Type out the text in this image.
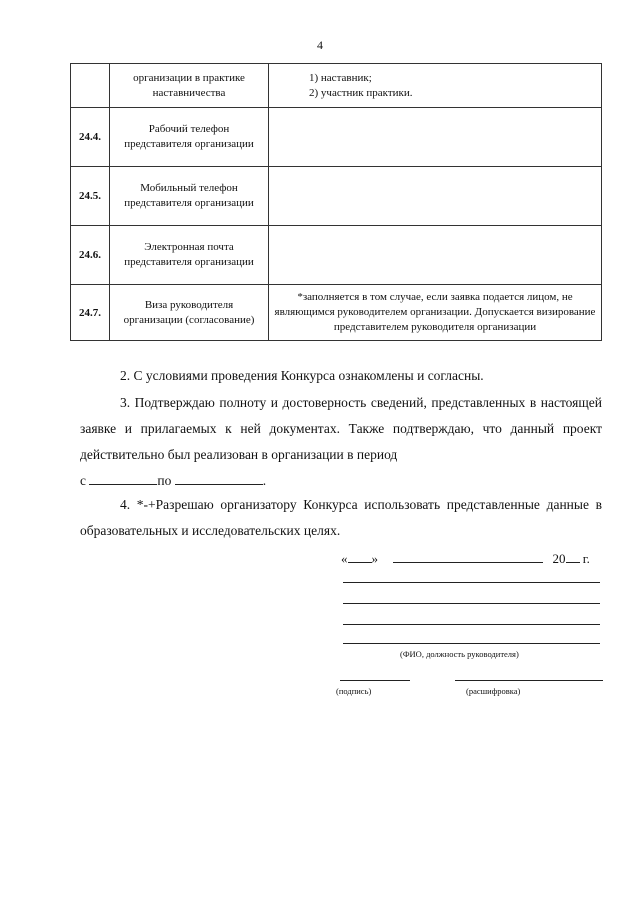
4
	организации в практике наставничества	1) наставник;
2) участник практики.

24.4.	Рабочий телефон представителя организации	
24.5.	Мобильный телефон представителя организации	
24.6.	Электронная почта представителя организации	
24.7.	Виза руководителя организации (согласование)	*заполняется в том случае, если заявка подается лицом, не являющимся руководителем организации. Допускается визирование представителем руководителя организации

2. С условиями проведения Конкурса ознакомлены и согласны.

3. Подтверждаю полноту и достоверность сведений, представленных в настоящей заявке и прилагаемых к ней документах. Также подтверждаю, что данный проект действительно был реализован в организации в период
с	по	.

4. *-+Разрешаю организатору Конкурса использовать представленные данные в образовательных и исследовательских целях.

« »	20 г.
(ФИО, должность руководителя)
(подпись)	(расшифровка)
